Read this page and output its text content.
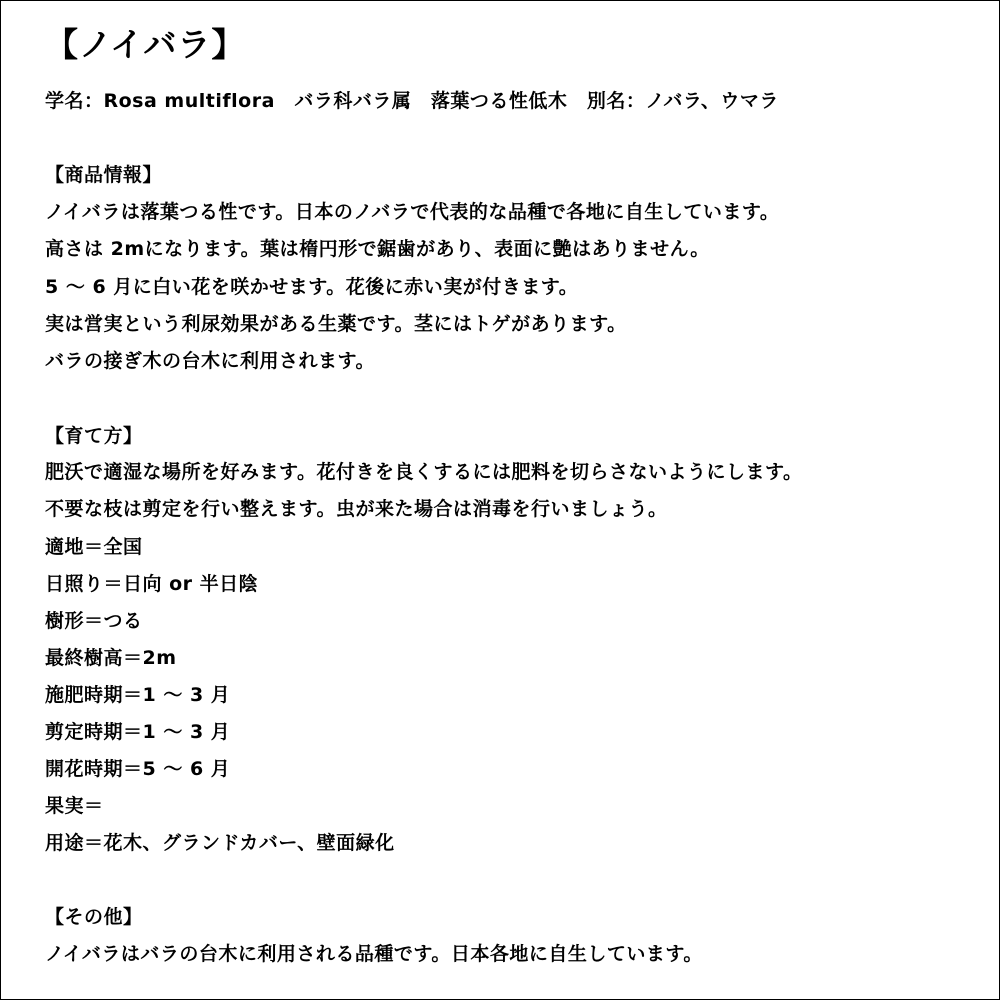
【ノイバラ】
学名：Rosa multiflora　バラ科バラ属　落葉つる性低木　別名：ノバラ、ウマラ
【商品情報】
ノイバラは落葉つる性です。日本のノバラで代表的な品種で各地に自生しています。
高さは 2mになります。葉は楕円形で鋸歯があり、表面に艶はありません。
5 ～ 6 月に白い花を咲かせます。花後に赤い実が付きます。
実は営実という利尿効果がある生薬です。茎にはトゲがあります。
バラの接ぎ木の台木に利用されます。
【育て方】
肥沃で適湿な場所を好みます。花付きを良くするには肥料を切らさないようにします。
不要な枝は剪定を行い整えます。虫が来た場合は消毒を行いましょう。
適地＝全国
日照り＝日向 or 半日陰
樹形＝つる
最終樹高＝2m
施肥時期＝1 ～ 3 月
剪定時期＝1 ～ 3 月
開花時期＝5 ～ 6 月
果実＝
用途＝花木、グランドカバー、壁面緑化
【その他】
ノイバラはバラの台木に利用される品種です。日本各地に自生しています。
